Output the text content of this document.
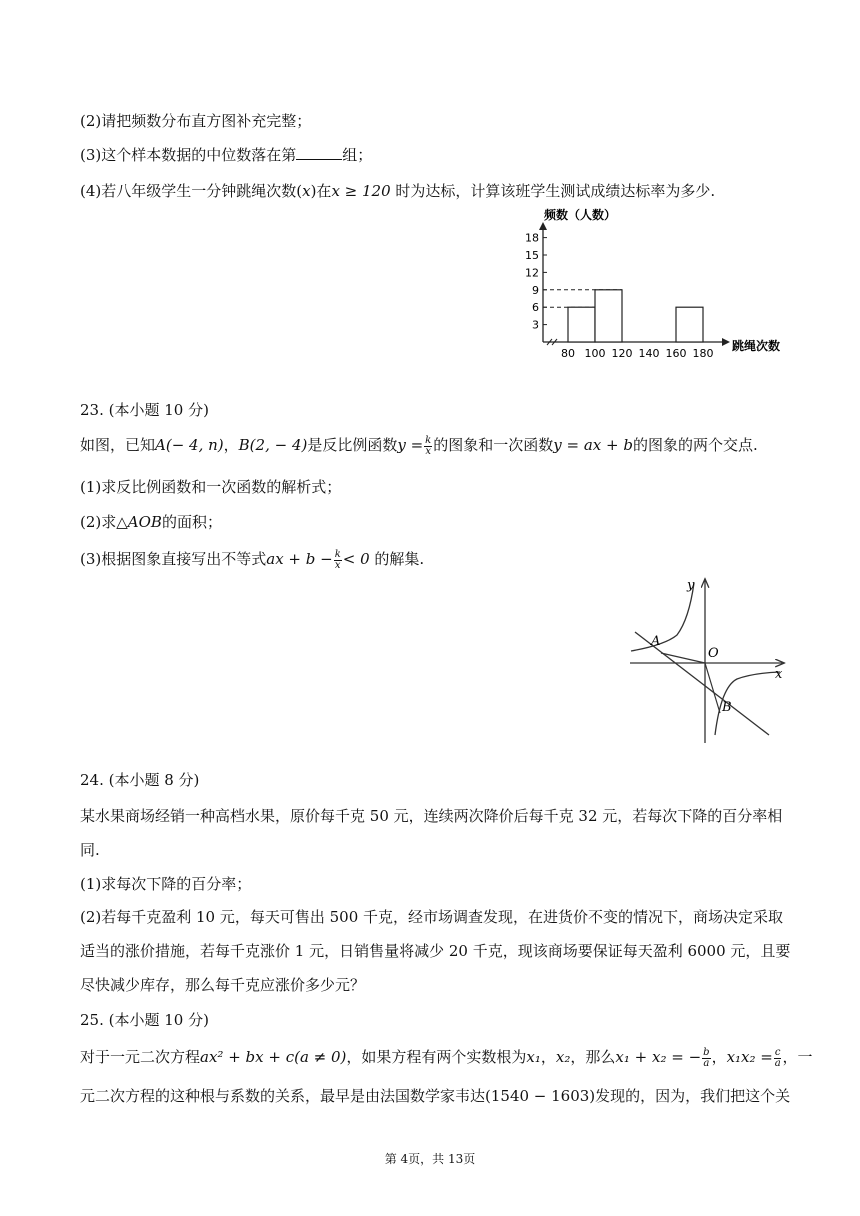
(2)请把频数分布直方图补充完整；
(3)这个样本数据的中位数落在第	组；
(4)若八年级学生一分钟跳绳次数(x)在x ≥ 120 时为达标，计算该班学生测试成绩达标率为多少.
频数（人数）
18
15
12
9
6
3
80 100 120 140 160 180
跳绳次数
23. (本小题 10 分)
如图，已知A(− 4, n)，B(2, − 4)是反比例函数$y = \frac{k}{x}$ 的图象和一次函数y = ax + b的图象的两个交点.
(1)求反比例函数和一次函数的解析式；
(2)求△AOB的面积；
(3)根据图象直接写出不等式ax + $b - \frac{k}{x} < 0$ 的解集.
A
O
B
x
y
24. (本小题 8 分)
某水果商场经销一种高档水果，原价每千克 50 元，连续两次降价后每千克 32 元，若每次下降的百分率相
同.
(1)求每次下降的百分率；
(2)若每千克盈利 10 元，每天可售出 500 千克，经市场调查发现，在进货价不变的情况下，商场决定采取
适当的涨价措施，若每千克涨价 1 元，日销售量将减少 20 千克，现该商场要保证每天盈利 6000 元，且要
尽快减少库存，那么每千克应涨价多少元？
25. (本小题 10 分)
对于一元二次方程ax² + bx + c(a ≠ 0)，如果方程有两个实数根为x₁，x₂，那么x₁ + x₂ = − $\frac{b}{a}$ ，$x_1x_2 = \frac{c}{a}$ ，一
元二次方程的这种根与系数的关系，最早是由法国数学家韦达(1540 − 1603)发现的，因为，我们把这个关
第 4页，共 13页
